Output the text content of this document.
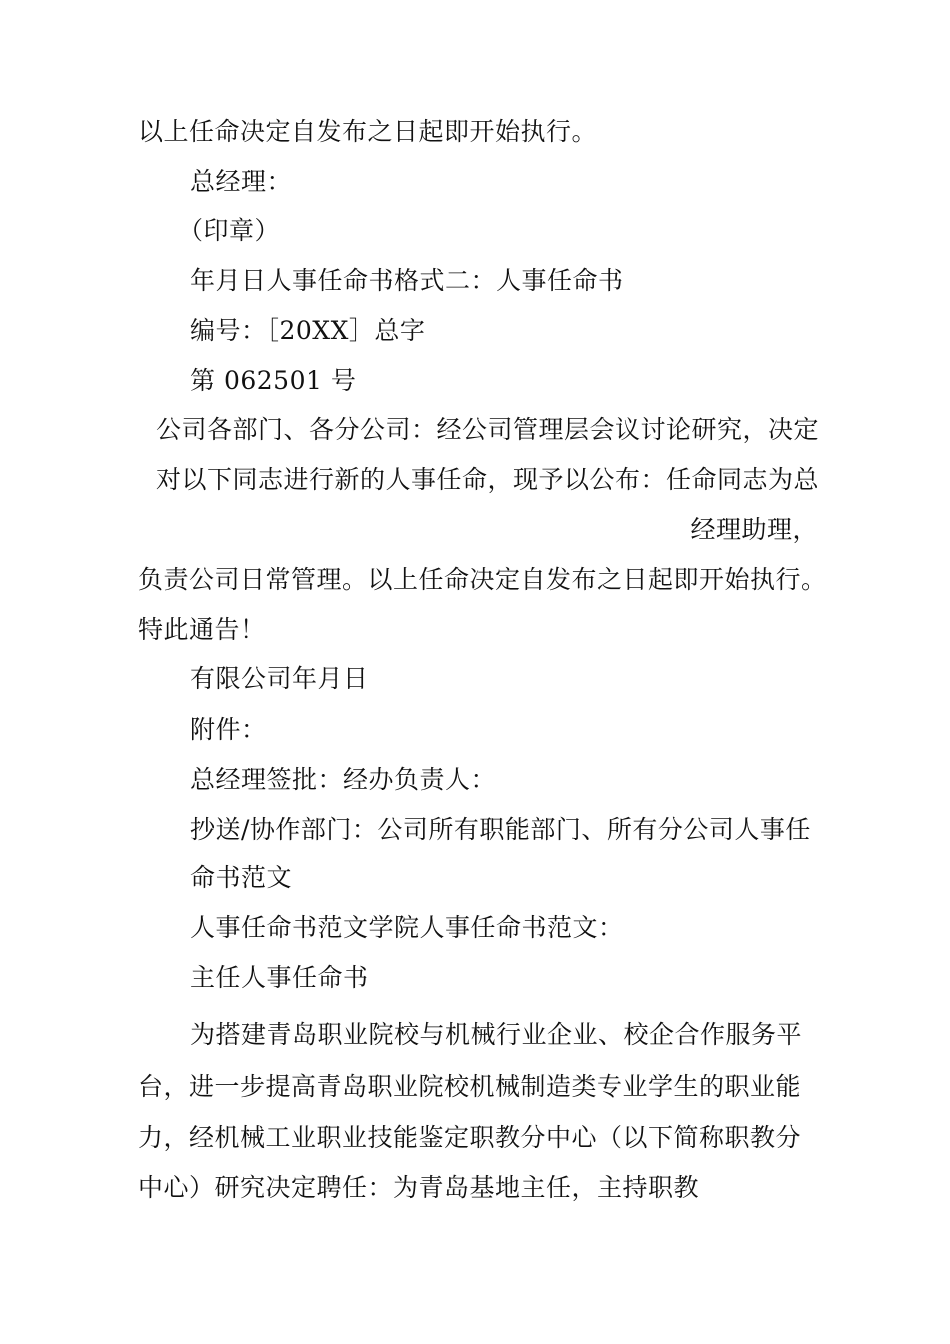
以上任命决定自发布之日起即开始执行。
总经理：
（印章）
年月日人事任命书格式二：人事任命书
编号：［20XX］总字
第 062501 号
公司各部门、各分公司：经公司管理层会议讨论研究，决定
对以下同志进行新的人事任命，现予以公布：任命同志为总
经理助理，
负责公司日常管理。以上任命决定自发布之日起即开始执行。
特此通告！
有限公司年月日
附件：
总经理签批：经办负责人：
抄送/协作部门：公司所有职能部门、所有分公司人事任
命书范文
人事任命书范文学院人事任命书范文：
主任人事任命书
为搭建青岛职业院校与机械行业企业、校企合作服务平
台，进一步提高青岛职业院校机械制造类专业学生的职业能
力，经机械工业职业技能鉴定职教分中心（以下简称职教分
中心）研究决定聘任：为青岛基地主任，主持职教
